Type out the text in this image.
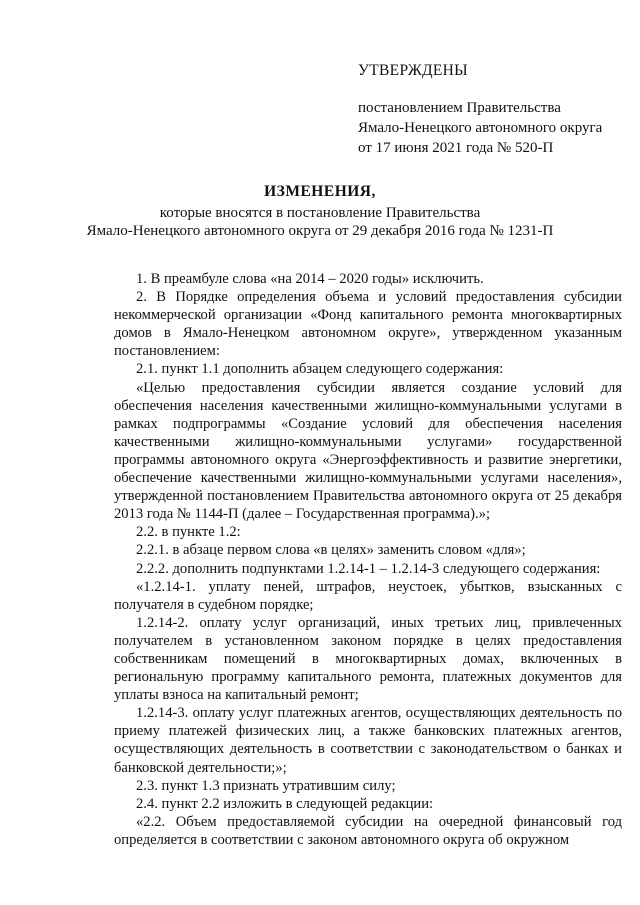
УТВЕРЖДЕНЫ
постановлением Правительства
Ямало-Ненецкого автономного округа
от 17 июня 2021 года № 520-П
ИЗМЕНЕНИЯ,
которые вносятся в постановление Правительства
Ямало-Ненецкого автономного округа от 29 декабря 2016 года № 1231-П
1. В преамбуле слова «на 2014 – 2020 годы» исключить.
2. В Порядке определения объема и условий предоставления субсидии некоммерческой организации «Фонд капитального ремонта многоквартирных домов в Ямало-Ненецком автономном округе», утвержденном указанным постановлением:
2.1. пункт 1.1 дополнить абзацем следующего содержания:
«Целью предоставления субсидии является создание условий для обеспечения населения качественными жилищно-коммунальными услугами в рамках подпрограммы «Создание условий для обеспечения населения качественными жилищно-коммунальными услугами» государственной программы автономного округа «Энергоэффективность и развитие энергетики, обеспечение качественными жилищно-коммунальными услугами населения», утвержденной постановлением Правительства автономного округа от 25 декабря 2013 года № 1144-П (далее – Государственная программа).»;
2.2. в пункте 1.2:
2.2.1. в абзаце первом слова «в целях» заменить словом «для»;
2.2.2. дополнить подпунктами 1.2.14-1 – 1.2.14-3 следующего содержания:
«1.2.14-1. уплату пеней, штрафов, неустоек, убытков, взысканных с получателя в судебном порядке;
1.2.14-2. оплату услуг организаций, иных третьих лиц, привлеченных получателем в установленном законом порядке в целях предоставления собственникам помещений в многоквартирных домах, включенных в региональную программу капитального ремонта, платежных документов для уплаты взноса на капитальный ремонт;
1.2.14-3. оплату услуг платежных агентов, осуществляющих деятельность по приему платежей физических лиц, а также банковских платежных агентов, осуществляющих деятельность в соответствии с законодательством о банках и банковской деятельности;»;
2.3. пункт 1.3 признать утратившим силу;
2.4. пункт 2.2 изложить в следующей редакции:
«2.2. Объем предоставляемой субсидии на очередной финансовый год определяется в соответствии с законом автономного округа об окружном
